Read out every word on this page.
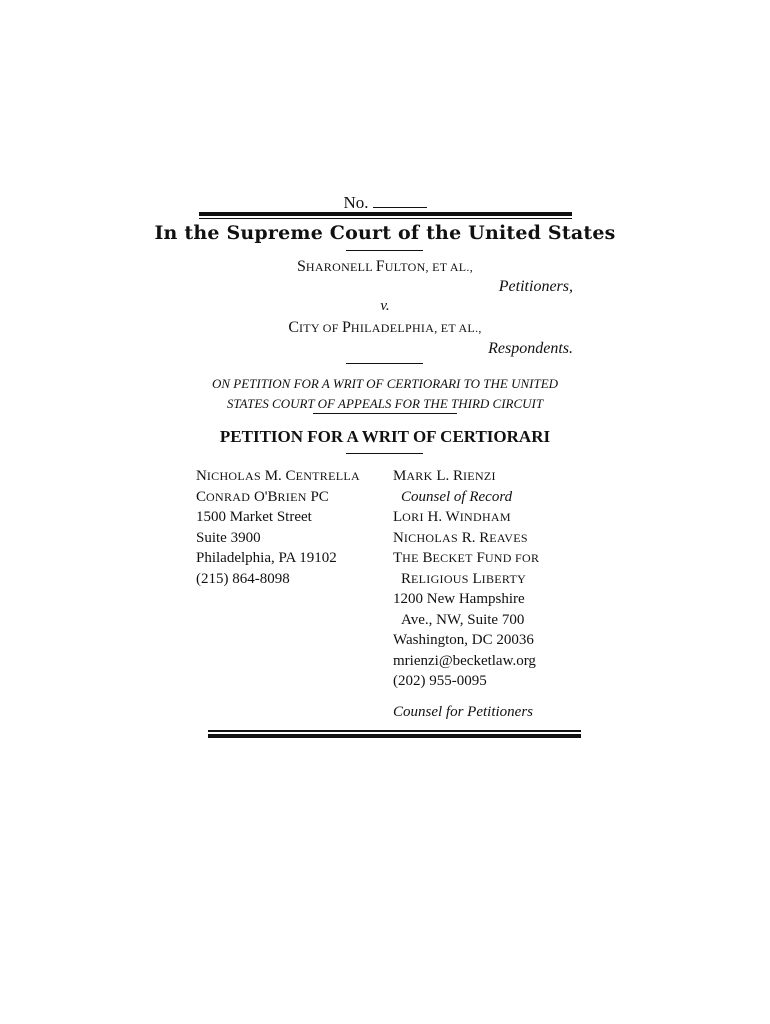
No.
In the Supreme Court of the United States
SHARONELL FULTON, ET AL.,
Petitioners,
v.
CITY OF PHILADELPHIA, ET AL.,
Respondents.
ON PETITION FOR A WRIT OF CERTIORARI TO THE UNITED
STATES COURT OF APPEALS FOR THE THIRD CIRCUIT
PETITION FOR A WRIT OF CERTIORARI
NICHOLAS M. CENTRELLA
CONRAD O'BRIEN PC
1500 Market Street
Suite 3900
Philadelphia, PA 19102
(215) 864-8098
MARK L. RIENZI
Counsel of Record
LORI H. WINDHAM
NICHOLAS R. REAVES
THE BECKET FUND FOR
RELIGIOUS LIBERTY
1200 New Hampshire
Ave., NW, Suite 700
Washington, DC 20036
mrienzi@becketlaw.org
(202) 955-0095
Counsel for Petitioners
